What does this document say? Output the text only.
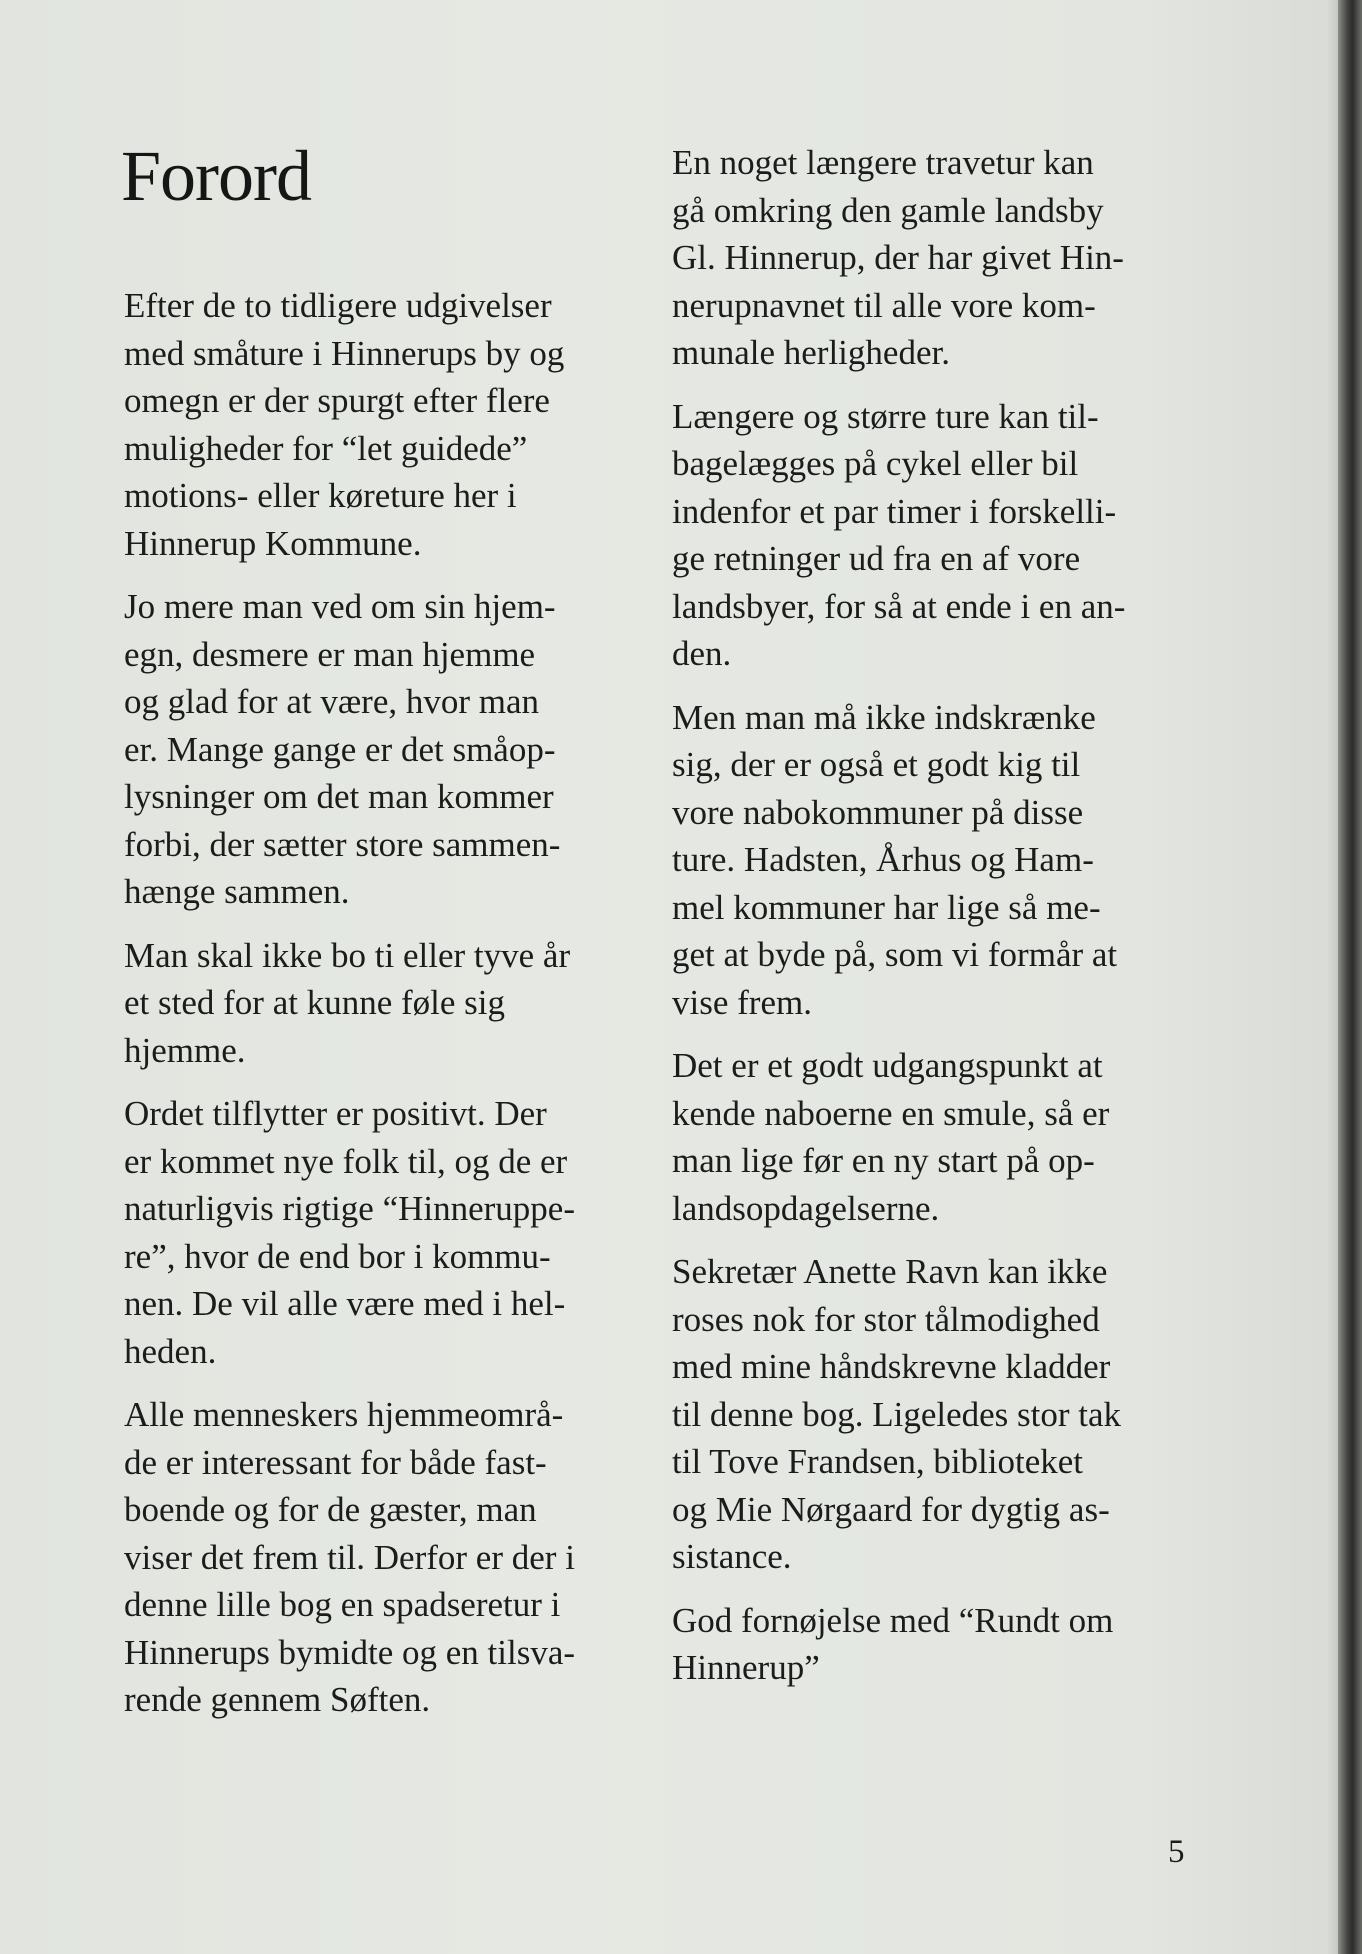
Forord

Efter de to tidligere udgivelser
med småture i Hinnerups by og
omegn er der spurgt efter flere
muligheder for “let guidede”
motions- eller køreture her i
Hinnerup Kommune.

Jo mere man ved om sin hjem-
egn, desmere er man hjemme
og glad for at være, hvor man
er. Mange gange er det småop-
lysninger om det man kommer
forbi, der sætter store sammen-
hænge sammen.

Man skal ikke bo ti eller tyve år
et sted for at kunne føle sig
hjemme.

Ordet tilflytter er positivt. Der
er kommet nye folk til, og de er
naturligvis rigtige “Hinneruppe-
re”, hvor de end bor i kommu-
nen. De vil alle være med i hel-
heden.

Alle menneskers hjemmeområ-
de er interessant for både fast-
boende og for de gæster, man
viser det frem til. Derfor er der i
denne lille bog en spadseretur i
Hinnerups bymidte og en tilsva-
rende gennem Søften.

En noget længere travetur kan
gå omkring den gamle landsby
Gl. Hinnerup, der har givet Hin-
nerupnavnet til alle vore kom-
munale herligheder.

Længere og større ture kan til-
bagelægges på cykel eller bil
indenfor et par timer i forskelli-
ge retninger ud fra en af vore
landsbyer, for så at ende i en an-
den.

Men man må ikke indskrænke
sig, der er også et godt kig til
vore nabokommuner på disse
ture. Hadsten, Århus og Ham-
mel kommuner har lige så me-
get at byde på, som vi formår at
vise frem.

Det er et godt udgangspunkt at
kende naboerne en smule, så er
man lige før en ny start på op-
landsopdagelserne.

Sekretær Anette Ravn kan ikke
roses nok for stor tålmodighed
med mine håndskrevne kladder
til denne bog. Ligeledes stor tak
til Tove Frandsen, biblioteket
og Mie Nørgaard for dygtig as-
sistance.

God fornøjelse med “Rundt om
Hinnerup”

5
